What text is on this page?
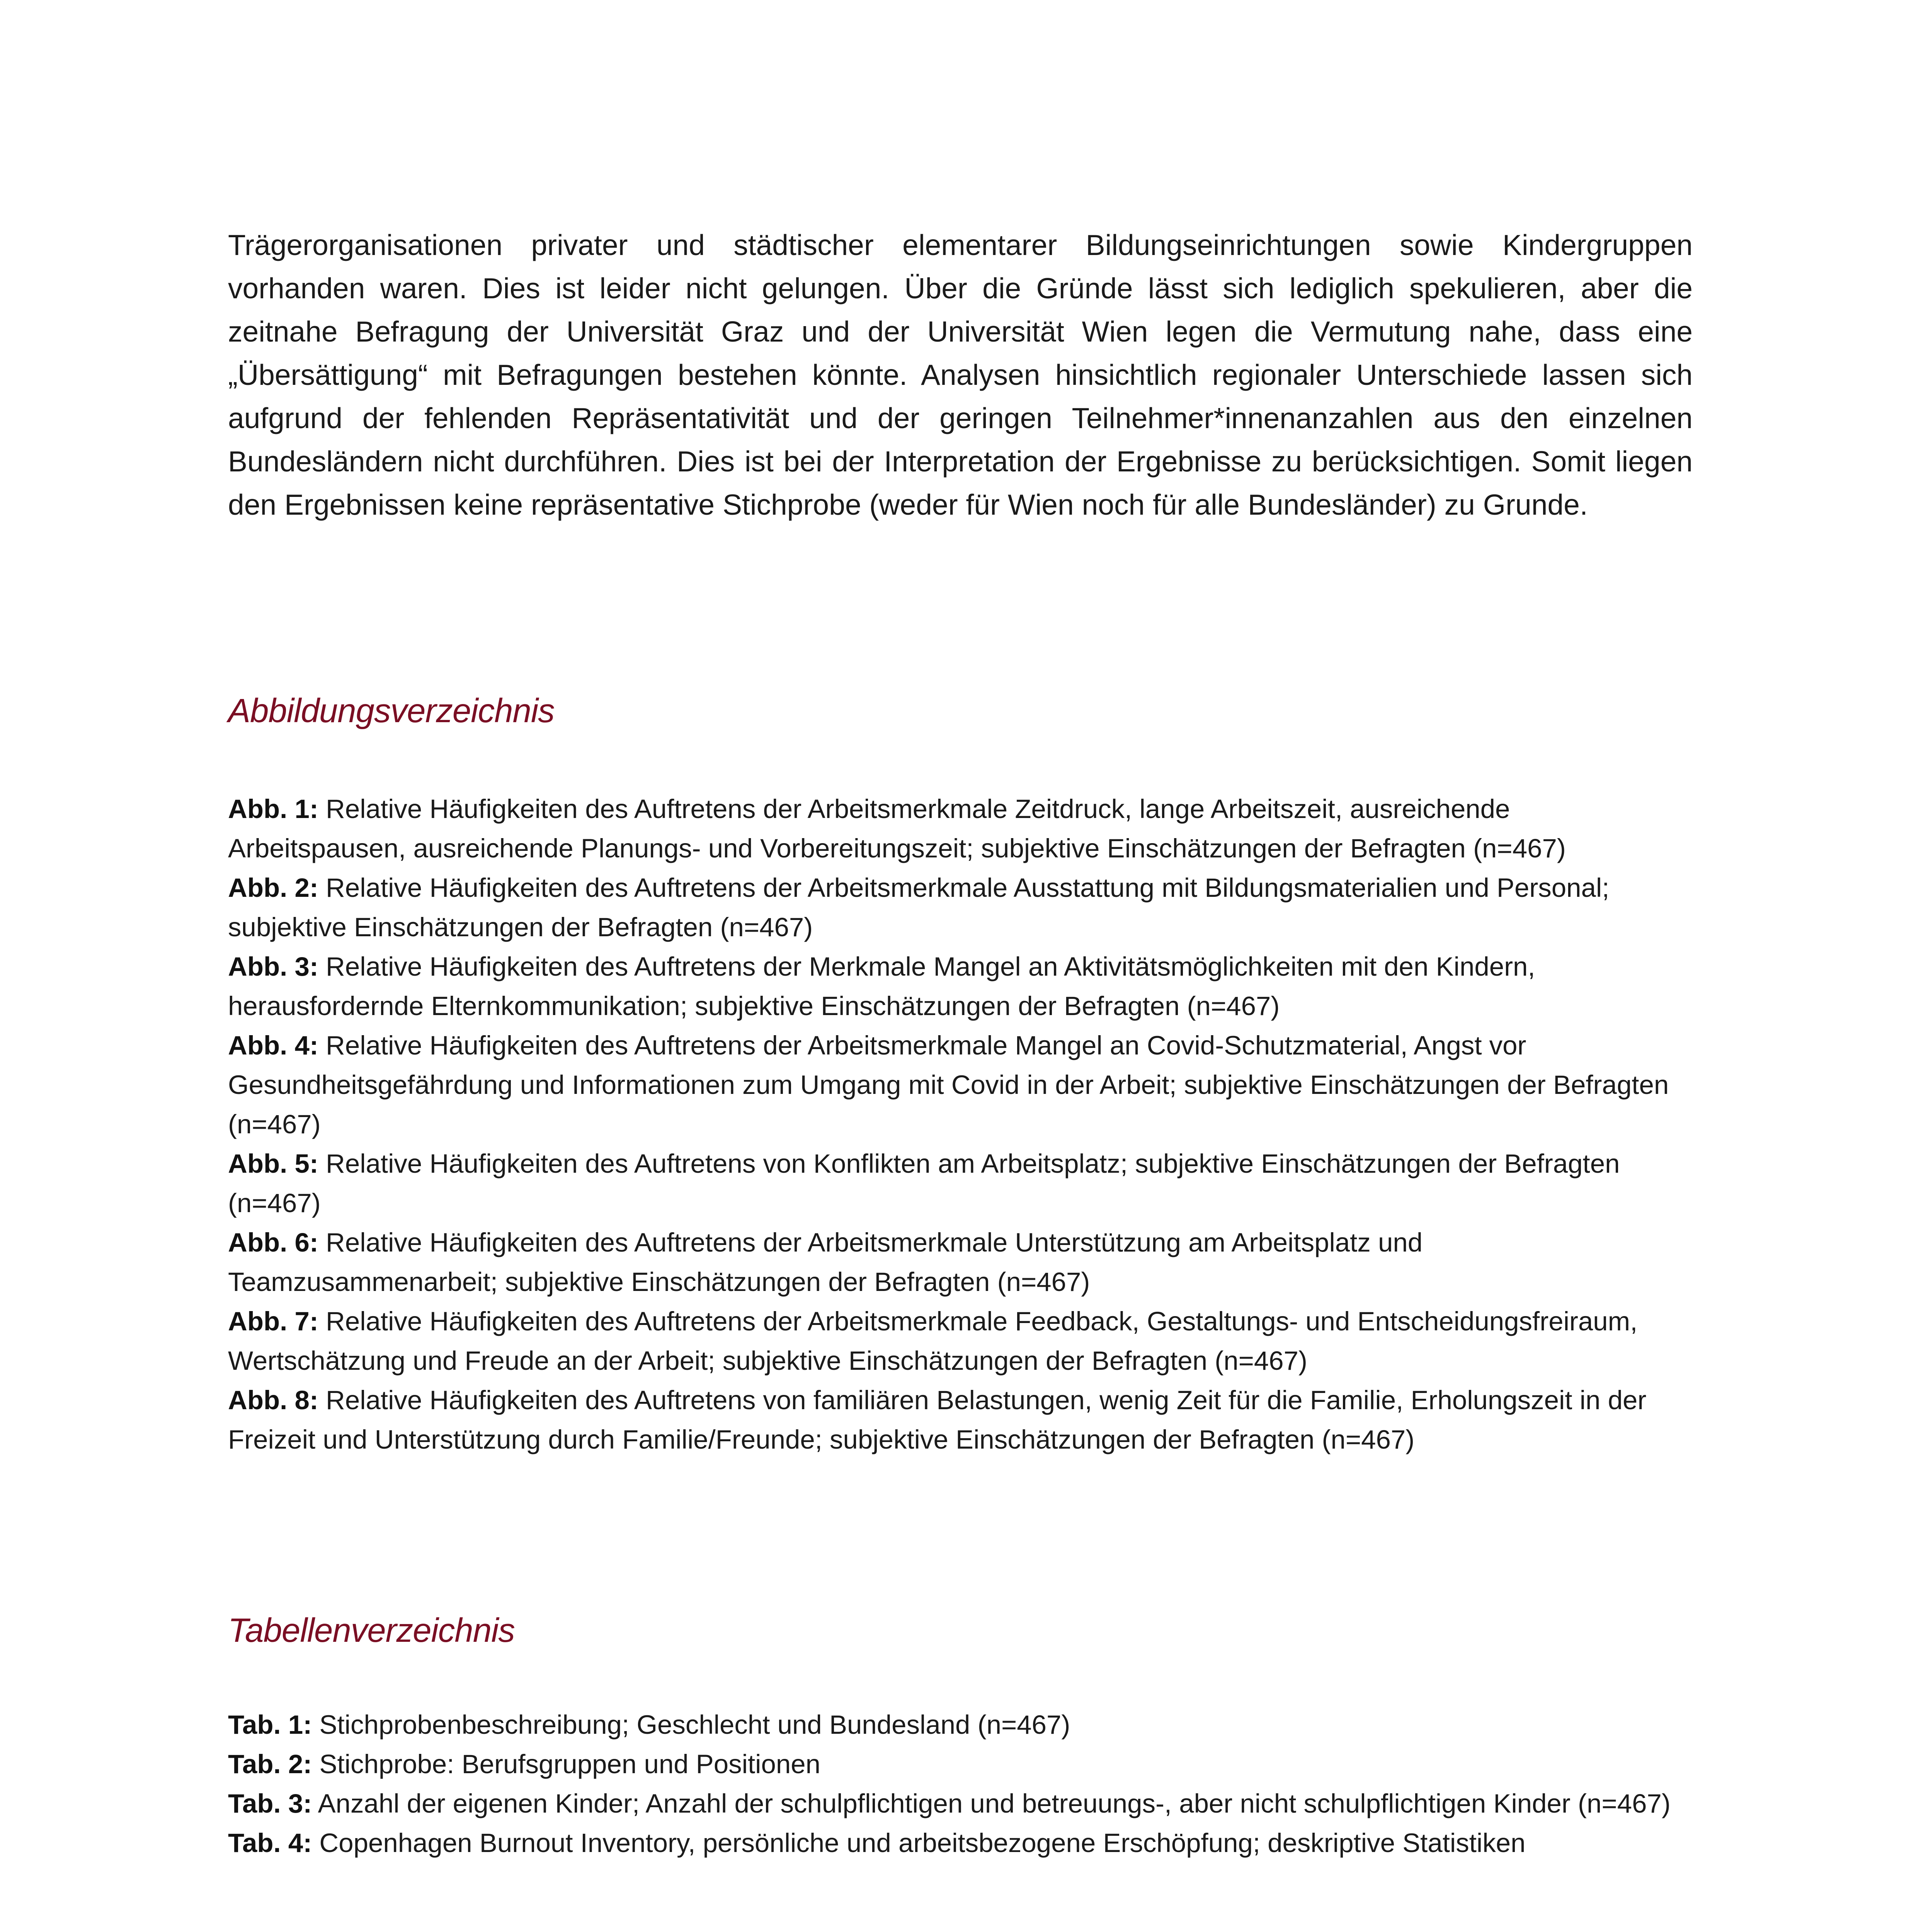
Trägerorganisationen privater und städtischer elementarer Bildungseinrichtungen sowie Kindergruppen vorhanden waren. Dies ist leider nicht gelungen. Über die Gründe lässt sich lediglich spekulieren, aber die zeitnahe Befragung der Universität Graz und der Universität Wien legen die Vermutung nahe, dass eine „Übersättigung“ mit Befragungen bestehen könnte. Analysen hinsichtlich regionaler Unterschiede lassen sich aufgrund der fehlenden Repräsentativität und der geringen Teilnehmer*innenanzahlen aus den einzelnen Bundesländern nicht durchführen. Dies ist bei der Interpretation der Ergebnisse zu berücksichtigen. Somit liegen den Ergebnissen keine repräsentative Stichprobe (weder für Wien noch für alle Bundesländer) zu Grunde.

Abbildungsverzeichnis
Abb. 1: Relative Häufigkeiten des Auftretens der Arbeitsmerkmale Zeitdruck, lange Arbeitszeit, ausreichende Arbeitspausen, ausreichende Planungs- und Vorbereitungszeit; subjektive Einschätzungen der Befragten (n=467)
Abb. 2: Relative Häufigkeiten des Auftretens der Arbeitsmerkmale Ausstattung mit Bildungsmaterialien und Personal; subjektive Einschätzungen der Befragten (n=467)
Abb. 3: Relative Häufigkeiten des Auftretens der Merkmale Mangel an Aktivitätsmöglichkeiten mit den Kindern, herausfordernde Elternkommunikation; subjektive Einschätzungen der Befragten (n=467)
Abb. 4: Relative Häufigkeiten des Auftretens der Arbeitsmerkmale Mangel an Covid-Schutzmaterial, Angst vor Gesundheitsgefährdung und Informationen zum Umgang mit Covid in der Arbeit; subjektive Einschätzungen der Befragten (n=467)
Abb. 5: Relative Häufigkeiten des Auftretens von Konflikten am Arbeitsplatz; subjektive Einschätzungen der Befragten (n=467)
Abb. 6: Relative Häufigkeiten des Auftretens der Arbeitsmerkmale Unterstützung am Arbeitsplatz und Teamzusammenarbeit; subjektive Einschätzungen der Befragten (n=467)
Abb. 7: Relative Häufigkeiten des Auftretens der Arbeitsmerkmale Feedback, Gestaltungs- und Entscheidungsfreiraum, Wertschätzung und Freude an der Arbeit; subjektive Einschätzungen der Befragten (n=467)
Abb. 8: Relative Häufigkeiten des Auftretens von familiären Belastungen, wenig Zeit für die Familie, Erholungszeit in der Freizeit und Unterstützung durch Familie/Freunde; subjektive Einschätzungen der Befragten (n=467)
Tabellenverzeichnis
Tab. 1: Stichprobenbeschreibung; Geschlecht und Bundesland (n=467)
Tab. 2: Stichprobe: Berufsgruppen und Positionen
Tab. 3: Anzahl der eigenen Kinder; Anzahl der schulpflichtigen und betreuungs-, aber nicht schulpflichtigen Kinder (n=467)
Tab. 4: Copenhagen Burnout Inventory, persönliche und arbeitsbezogene Erschöpfung; deskriptive Statistiken
